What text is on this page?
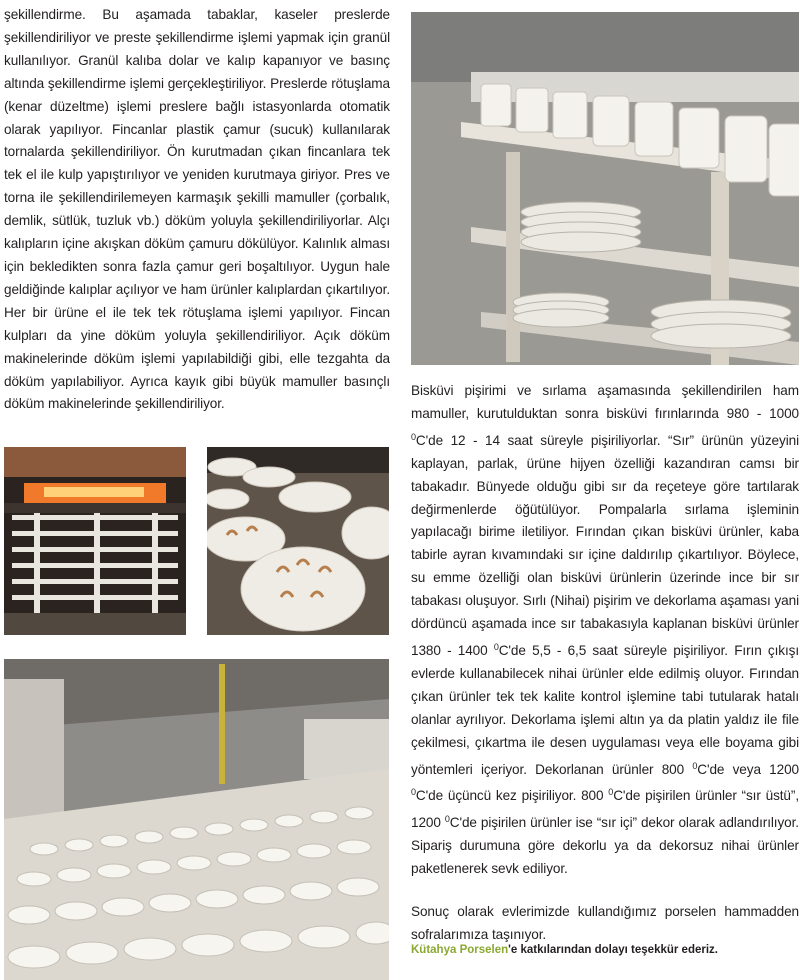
şekillendirme. Bu aşamada tabaklar, kaseler preslerde şekillendiriliyor ve preste şekillendirme işlemi yapmak için granül kullanılıyor. Granül kalıba dolar ve kalıp kapanıyor ve basınç altında şekillendirme işlemi gerçekleştiriliyor. Preslerde rötuşlama (kenar düzeltme) işlemi preslere bağlı istasyonlarda otomatik olarak yapılıyor. Fincanlar plastik çamur (sucuk) kullanılarak tornalarda şekillendiriliyor. Ön kurutmadan çıkan fincanlara tek tek el ile kulp yapıştırılıyor ve yeniden kurutmaya giriyor. Pres ve torna ile şekillendirilemeyen karmaşık şekilli mamuller (çorbalık, demlik, sütlük, tuzluk vb.) döküm yoluyla şekillendiriliyorlar. Alçı kalıpların içine akışkan döküm çamuru dökülüyor. Kalınlık alması için bekledikten sonra fazla çamur geri boşaltılıyor. Uygun hale geldiğinde kalıplar açılıyor ve ham ürünler kalıplardan çıkartılıyor. Her bir ürüne el ile tek tek rötuşlama işlemi yapılıyor. Fincan kulpları da yine döküm yoluyla şekillendiriliyor. Açık döküm makinelerinde döküm işlemi yapılabildiği gibi, elle tezgahta da döküm yapılabiliyor. Ayrıca kayık gibi büyük mamuller basınçlı döküm makinelerinde şekillendiriliyor.

Bisküvi pişirimi ve sırlama aşamasında şekillendirilen ham mamuller, kurutulduktan sonra bisküvi fırınlarında 980 - 1000 $^0$C'de 12 - 14 saat süreyle pişiriliyorlar. “Sır” ürünün yüzeyini kaplayan, parlak, ürüne hijyen özelliği kazandıran camsı bir tabakadır. Bünyede olduğu gibi sır da reçeteye göre tartılarak değirmenlerde öğütülüyor. Pompalarla sırlama işleminin yapılacağı birime iletiliyor. Fırından çıkan bisküvi ürünler, kaba tabirle ayran kıvamındaki sır içine daldırılıp çıkartılıyor. Böylece, su emme özelliği olan bisküvi ürünlerin üzerinde ince bir sır tabakası oluşuyor. Sırlı (Nihai) pişirim ve dekorlama aşaması yani dördüncü aşamada ince sır tabakasıyla kaplanan bisküvi ürünler 1380 - 1400 $^0$C'de 5,5 - 6,5 saat süreyle pişiriliyor. Fırın çıkışı evlerde kullanabilecek nihai ürünler elde edilmiş oluyor. Fırından çıkan ürünler tek tek kalite kontrol işlemine tabi tutularak hatalı olanlar ayrılıyor. Dekorlama işlemi altın ya da platin yaldız ile file çekilmesi, çıkartma ile desen uygulaması veya elle boyama gibi yöntemleri içeriyor. Dekorlanan ürünler 800 $^0$C'de veya 1200 $^0$C'de üçüncü kez pişiriliyor. 800 $^0$C'de pişirilen ürünler “sır üstü”, 1200 $^0$C'de pişirilen ürünler ise “sır içi” dekor olarak adlandırılıyor. Sipariş durumuna göre dekorlu ya da dekorsuz nihai ürünler paketlenerek sevk ediliyor.

Sonuç olarak evlerimizde kullandığımız porselen hammadden sofralarımıza taşınıyor.

Kütahya Porselen'e katkılarından dolayı teşekkür ederiz.
